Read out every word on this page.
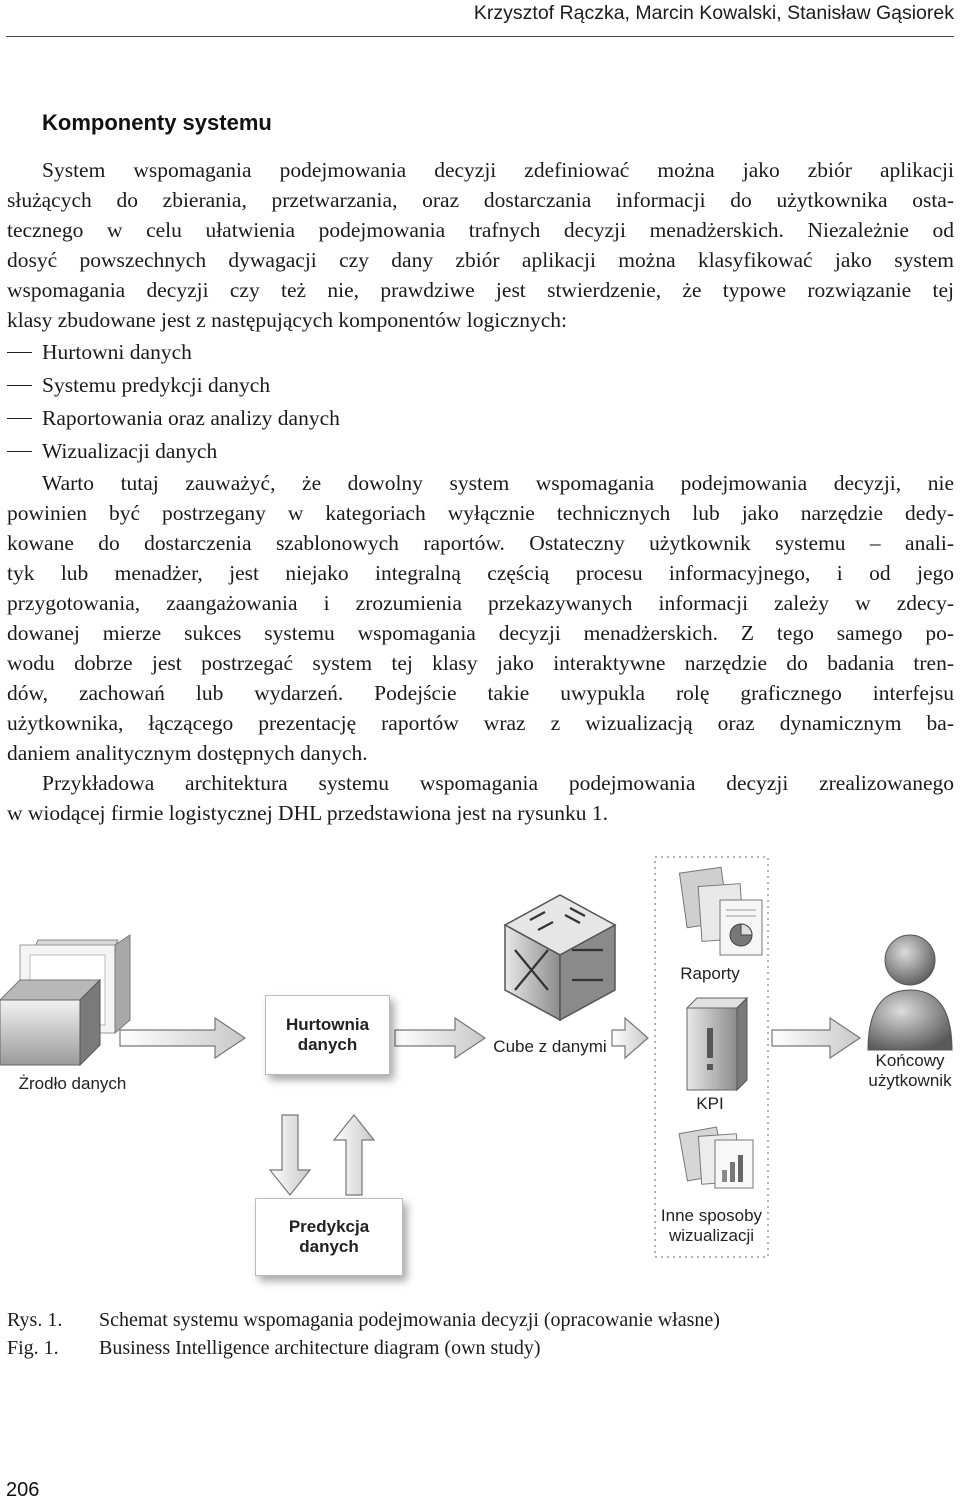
Krzysztof Rączka, Marcin Kowalski, Stanisław Gąsiorek
Komponenty systemu
System wspomagania podejmowania decyzji zdefiniować można jako zbiór aplikacji
służących do zbierania, przetwarzania, oraz dostarczania informacji do użytkownika osta-
tecznego w celu ułatwienia podejmowania trafnych decyzji menadżerskich. Niezależnie od
dosyć powszechnych dywagacji czy dany zbiór aplikacji można klasyfikować jako system
wspomagania decyzji czy też nie, prawdziwe jest stwierdzenie, że typowe rozwiązanie tej
klasy zbudowane jest z następujących komponentów logicznych:
Hurtowni danych
Systemu predykcji danych
Raportowania oraz analizy danych
Wizualizacji danych
Warto tutaj zauważyć, że dowolny system wspomagania podejmowania decyzji, nie
powinien być postrzegany w kategoriach wyłącznie technicznych lub jako narzędzie dedy-
kowane do dostarczenia szablonowych raportów. Ostateczny użytkownik systemu – anali-
tyk lub menadżer, jest niejako integralną częścią procesu informacyjnego, i od jego
przygotowania, zaangażowania i zrozumienia przekazywanych informacji zależy w zdecy-
dowanej mierze sukces systemu wspomagania decyzji menadżerskich. Z tego samego po-
wodu dobrze jest postrzegać system tej klasy jako interaktywne narzędzie do badania tren-
dów, zachowań lub wydarzeń. Podejście takie uwypukla rolę graficznego interfejsu
użytkownika, łączącego prezentację raportów wraz z wizualizacją oraz dynamicznym ba-
daniem analitycznym dostępnych danych.
Przykładowa architektura systemu wspomagania podejmowania decyzji zrealizowanego
w wiodącej firmie logistycznej DHL przedstawiona jest na rysunku 1.
Hurtownia
danych
Predykcja
danych
Żrodło danych
Cube z danymi
Raporty
KPI
Inne sposoby
wizualizacji
Końcowy
użytkownik
Rys. 1. Schemat systemu wspomagania podejmowania decyzji (opracowanie własne)
Fig. 1. Business Intelligence architecture diagram (own study)
206
